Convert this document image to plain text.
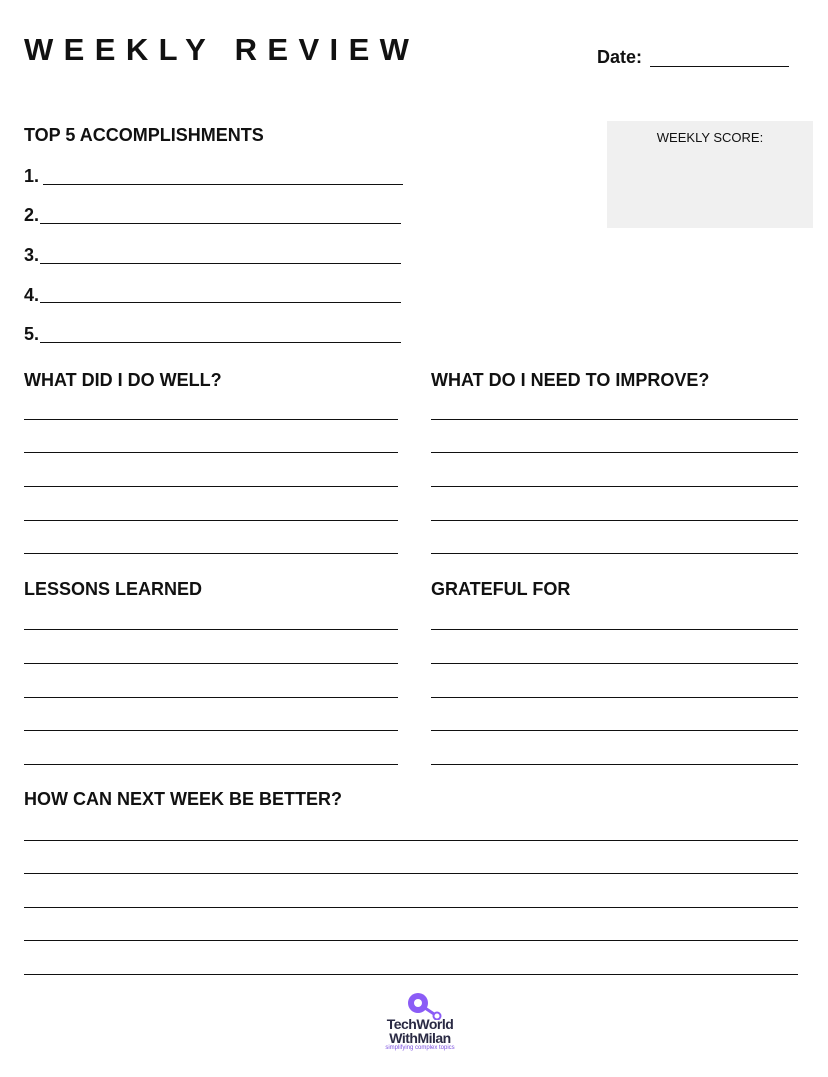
WEEKLY REVIEW	Date:
WEEKLY SCORE:
TOP 5 ACCOMPLISHMENTS
1.
2.
3.
4.
5.
WHAT DID I DO WELL?	WHAT DO I NEED TO IMPROVE?
LESSONS LEARNED	GRATEFUL FOR
HOW CAN NEXT WEEK BE BETTER?
TechWorld
WithMilan
simplifying complex topics
